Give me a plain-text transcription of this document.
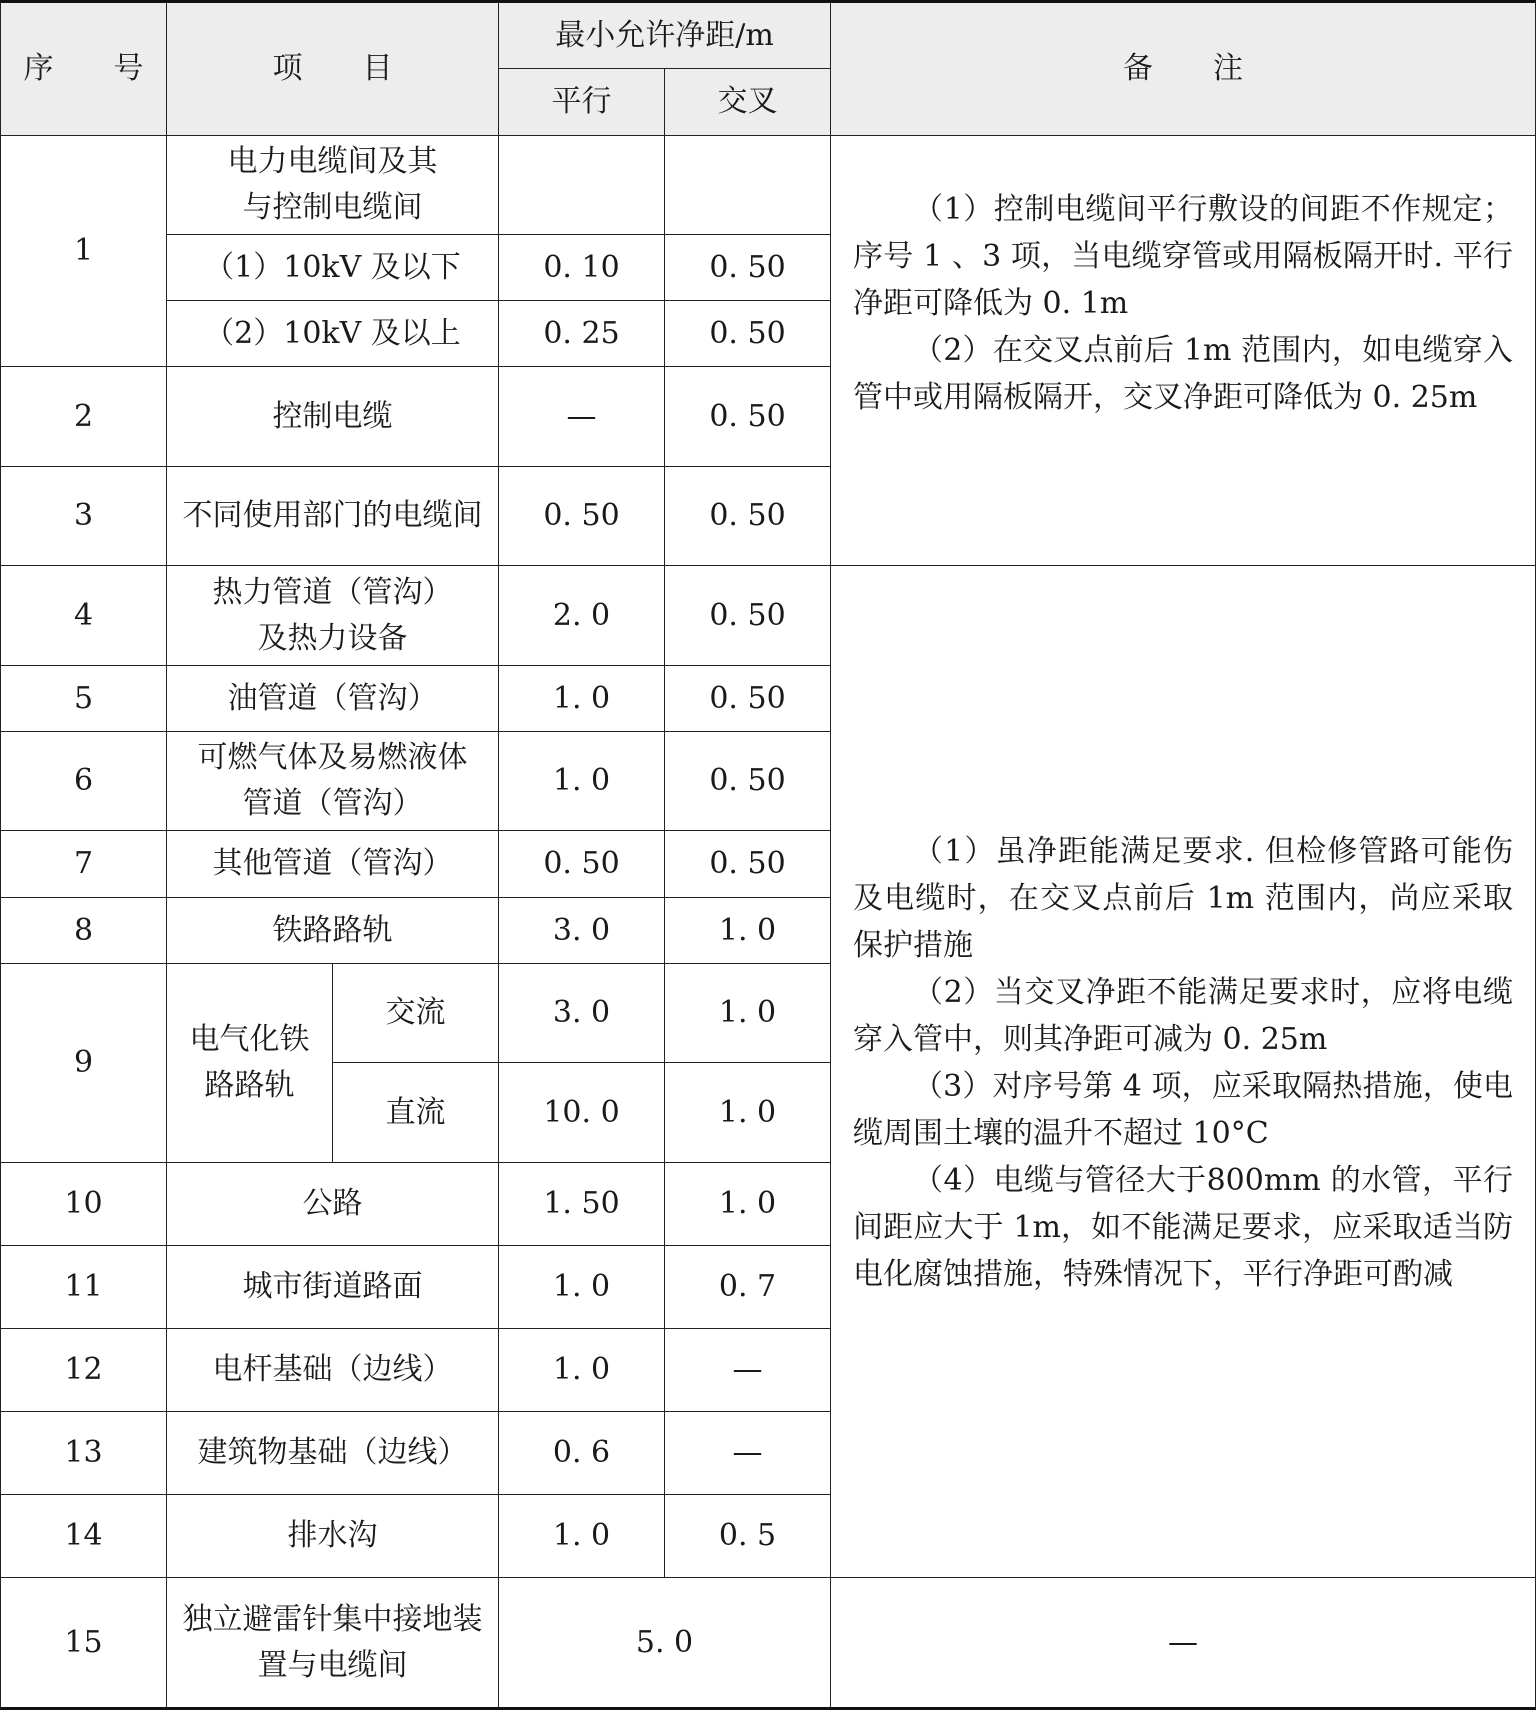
序　　号	项　　目		最小允许净距/m		备　　注
			平行	交叉	
1	电力电缆间及其与控制电缆间				（1）控制电缆间平行敷设的间距不作规定；序号 1 、3 项，当电缆穿管或用隔板隔开时. 平行净距可降低为 0. 1m

（2）在交叉点前后 1m 范围内，如电缆穿入管中或用隔板隔开，交叉净距可降低为 0. 25m

	（1）10kV 及以下		0. 10	0. 50	
	（2）10kV 及以上		0. 25	0. 50	
2	控制电缆		—	0. 50	
3	不同使用部门的电缆间		0. 50	0. 50	
4	热力管道（管沟）及热力设备		2. 0	0. 50	（1）虽净距能满足要求. 但检修管路可能伤及电缆时，在交叉点前后 1m 范围内，尚应采取保护措施

（2）当交叉净距不能满足要求时，应将电缆穿入管中，则其净距可减为 0. 25m

（3）对序号第 4 项，应采取隔热措施，使电缆周围土壤的温升不超过 10°C

（4）电缆与管径大于800mm 的水管，平行间距应大于 1m，如不能满足要求，应采取适当防电化腐蚀措施，特殊情况下，平行净距可酌减

5	油管道（管沟）		1. 0	0. 50	
6	可燃气体及易燃液体管道（管沟）		1. 0	0. 50	
7	其他管道（管沟）		0. 50	0. 50	
8	铁路路轨		3. 0	1. 0	
9	电气化铁路路轨	交流	3. 0	1. 0	
		直流	10. 0	1. 0	
10	公路		1. 50	1. 0	
11	城市街道路面		1. 0	0. 7	
12	电杆基础（边线）		1. 0	—	
13	建筑物基础（边线）		0. 6	—	
14	排水沟		1. 0	0. 5	
15	独立避雷针集中接地装置与电缆间		5. 0		—
